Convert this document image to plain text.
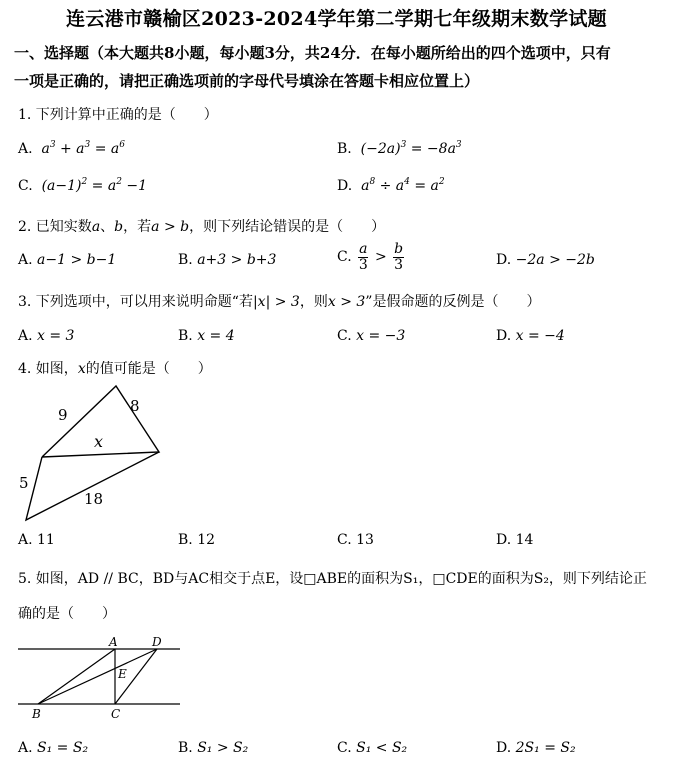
连云港市赣榆区2023-2024学年第二学期七年级期末数学试题
一、选择题（本大题共8小题，每小题3分，共24分．在每小题所给出的四个选项中，只有
一项是正确的，请把正确选项前的字母代号填涂在答题卡相应位置上）
1. 下列计算中正确的是（　　）
A.  $a^3 + a^3 = a^6$	B.  $(-2a)^3 = -8a^3$
C.  $(a-1)^2 = a^2 -1$	D.  $a^8 \div a^4 = a^2$
2. 已知实数a、b，若a > b，则下列结论错误的是（　　）
A. a−1 > b−1	B. a+3 > b+3	C. $\frac{a}{3} > \frac{b}{3}$	D. −2a > −2b
3. 下列选项中，可以用来说明命题“若|x| > 3，则x > 3”是假命题的反例是（　　）
A. x = 3	B. x = 4	C. x = −3	D. x = −4
4. 如图，x的值可能是（　　）
9	8
x
5
18
A. 11	B. 12	C. 13	D. 14
5. 如图，AD // BC，BD与AC相交于点E，设□ABE的面积为S₁，□CDE的面积为S₂，则下列结论正
确的是（　　）
A	D
E
B	C
A. S₁ = S₂	B. S₁ > S₂	C. S₁ < S₂	D. 2S₁ = S₂
